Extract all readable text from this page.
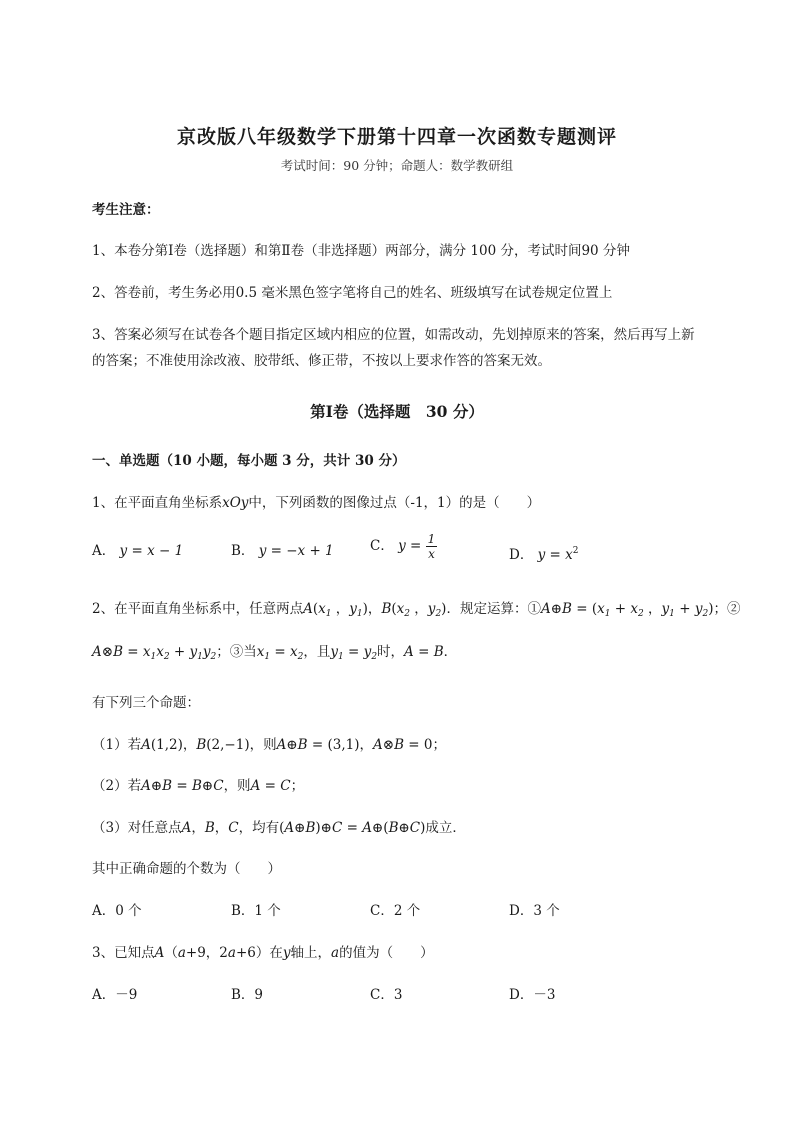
京改版八年级数学下册第十四章一次函数专题测评
考试时间：90 分钟；命题人：数学教研组
考生注意：
1、本卷分第Ⅰ卷（选择题）和第Ⅱ卷（非选择题）两部分，满分 100 分，考试时间90 分钟
2、答卷前，考生务必用0.5 毫米黑色签字笔将自己的姓名、班级填写在试卷规定位置上
3、答案必须写在试卷各个题目指定区域内相应的位置，如需改动，先划掉原来的答案，然后再写上新
的答案；不准使用涂改液、胶带纸、修正带，不按以上要求作答的答案无效。
第Ⅰ卷（选择题　30 分）
一、单选题（10 小题，每小题 3 分，共计 30 分）
1、在平面直角坐标系xOy中，下列函数的图像过点（-1，1）的是（　　）
A． y = x − 1	B． y = −x + 1	C． $y = \frac{1}{x}$	D． $y = x^2$
2、在平面直角坐标系中，任意两点$A(x_1$ ，$y_1$)，$B(x_2$ ，$y_2$)．规定运算：①A⊕B = ($x_1 + x_2$ ，$y_1 + y_2$)；②
A⊗B = $x_1x_2 + y_1y_2$；③当$x_1 = x_2$，且$y_1 = y_2$时，A = B．
有下列三个命题：
（1）若A(1,2)，B(2,−1)，则A⊕B = (3,1)，A⊗B = 0；
（2）若A⊕B = B⊕C，则A = C；
（3）对任意点A，B，C，均有(A⊕B)⊕C = A⊕(B⊕C)成立．
其中正确命题的个数为（　　）
A．0 个	B．1 个	C．2 个	D．3 个
3、已知点A（a+9，2a+6）在y轴上，a的值为（　　）
A．－9	B．9	C．3	D．－3
